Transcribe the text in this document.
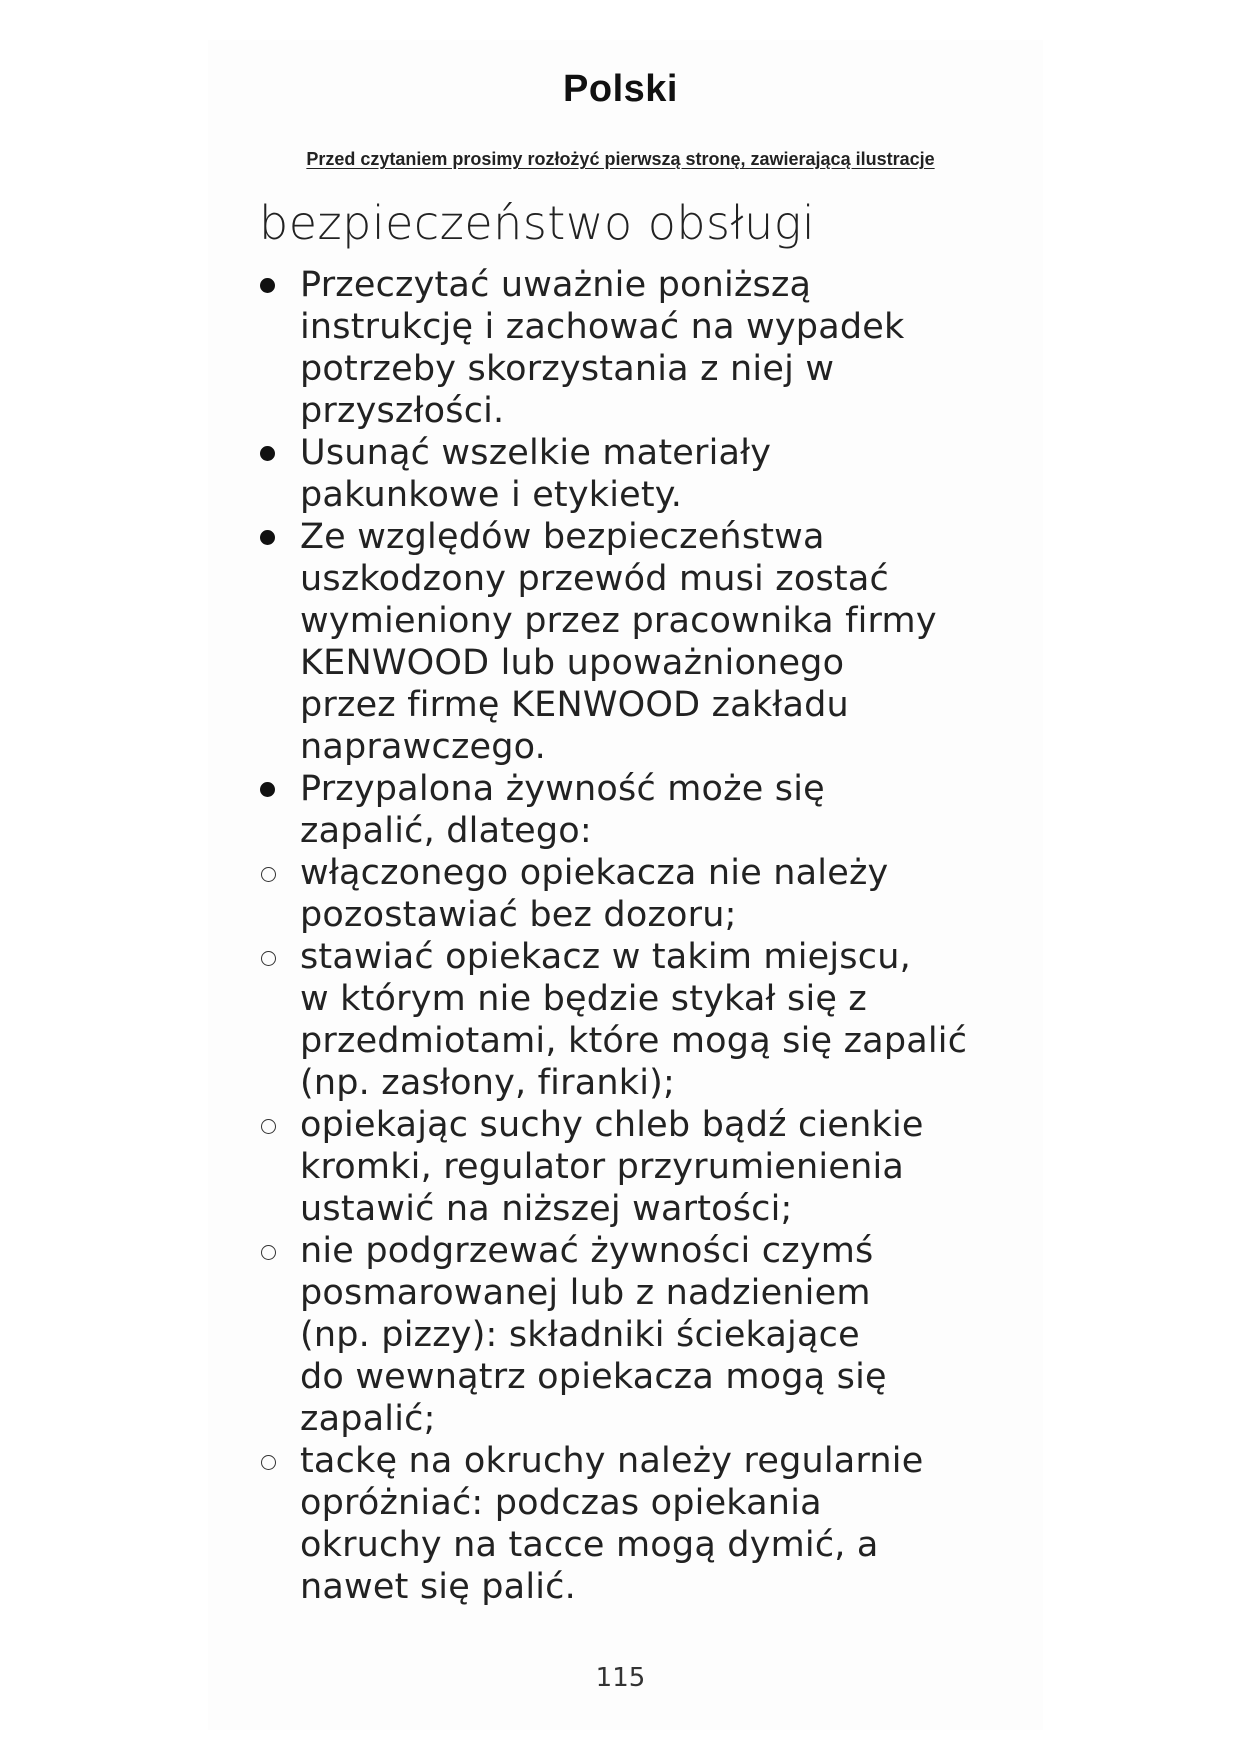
Polski
Przed czytaniem prosimy rozłożyć pierwszą stronę, zawierającą ilustracje
bezpieczeństwo obsługi
Przeczytać uważnie poniższą
instrukcję i zachować na wypadek
potrzeby skorzystania z niej w
przyszłości.
Usunąć wszelkie materiały
pakunkowe i etykiety.
Ze względów bezpieczeństwa
uszkodzony przewód musi zostać
wymieniony przez pracownika firmy
KENWOOD lub upoważnionego
przez firmę KENWOOD zakładu
naprawczego.
Przypalona żywność może się
zapalić, dlatego:
włączonego opiekacza nie należy
pozostawiać bez dozoru;
stawiać opiekacz w takim miejscu,
w którym nie będzie stykał się z
przedmiotami, które mogą się zapalić
(np. zasłony, firanki);
opiekając suchy chleb bądź cienkie
kromki, regulator przyrumienienia
ustawić na niższej wartości;
nie podgrzewać żywności czymś
posmarowanej lub z nadzieniem
(np. pizzy): składniki ściekające
do wewnątrz opiekacza mogą się
zapalić;
tackę na okruchy należy regularnie
opróżniać: podczas opiekania
okruchy na tacce mogą dymić, a
nawet się palić.
115
